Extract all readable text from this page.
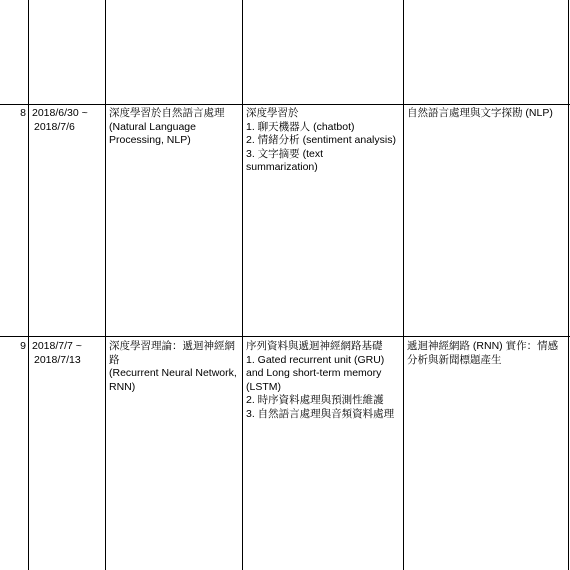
8 2018/6/30 ~
2018/7/6
深度學習於自然語言處理
(Natural Language
Processing, NLP)
深度學習於
1. 聊天機器人 (chatbot)
2. 情緒分析 (sentiment analysis)
3. 文字摘要 (text
summarization)
自然語言處理與文字探勘 (NLP)
9 2018/7/7 ~
2018/7/13
深度學習理論：遞迴神經網
路
(Recurrent Neural Network,
RNN)
序列資料與遞迴神經網路基礎
1. Gated recurrent unit (GRU)
and Long short-term memory
(LSTM)
2. 時序資料處理與預測性維護
3. 自然語言處理與音頻資料處理
遞迴神經網路 (RNN) 實作：情感
分析與新聞標題產生
